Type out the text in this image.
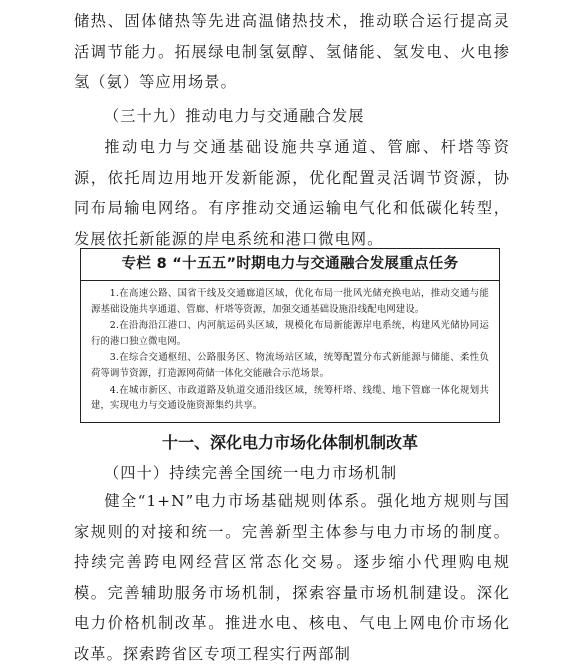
储热、固体储热等先进高温储热技术，推动联合运行提高灵活调节能力。拓展绿电制氢氨醇、氢储能、氢发电、火电掺氢（氨）等应用场景。

（三十九）推动电力与交通融合发展

推动电力与交通基础设施共享通道、管廊、杆塔等资源，依托周边用地开发新能源，优化配置灵活调节资源，协同布局输电网络。有序推动交通运输电气化和低碳化转型，发展依托新能源的岸电系统和港口微电网。

专栏 8 “十五五”时期电力与交通融合发展重点任务

1.在高速公路、国省干线及交通廊道区域，优化布局一批风光储充换电站，推动交通与能源基础设施共享通道、管廊、杆塔等资源，加强交通基础设施沿线配电网建设。

2.在沿海沿江港口、内河航运码头区域，规模化布局新能源岸电系统，构建风光储协同运行的港口独立微电网。

3.在综合交通枢纽、公路服务区、物流场站区域，统筹配置分布式新能源与储能、柔性负荷等调节资源，打造源网荷储一体化交能融合示范场景。

4.在城市新区、市政道路及轨道交通沿线区域，统筹杆塔、线缆、地下管廊一体化规划共建，实现电力与交通设施资源集约共享。

十一、深化电力市场化体制机制改革

（四十）持续完善全国统一电力市场机制

健全“1+N”电力市场基础规则体系。强化地方规则与国家规则的对接和统一。完善新型主体参与电力市场的制度。持续完善跨电网经营区常态化交易。逐步缩小代理购电规模。完善辅助服务市场机制，探索容量市场机制建设。深化电力价格机制改革。推进水电、核电、气电上网电价市场化改革。探索跨省区专项工程实行两部制
